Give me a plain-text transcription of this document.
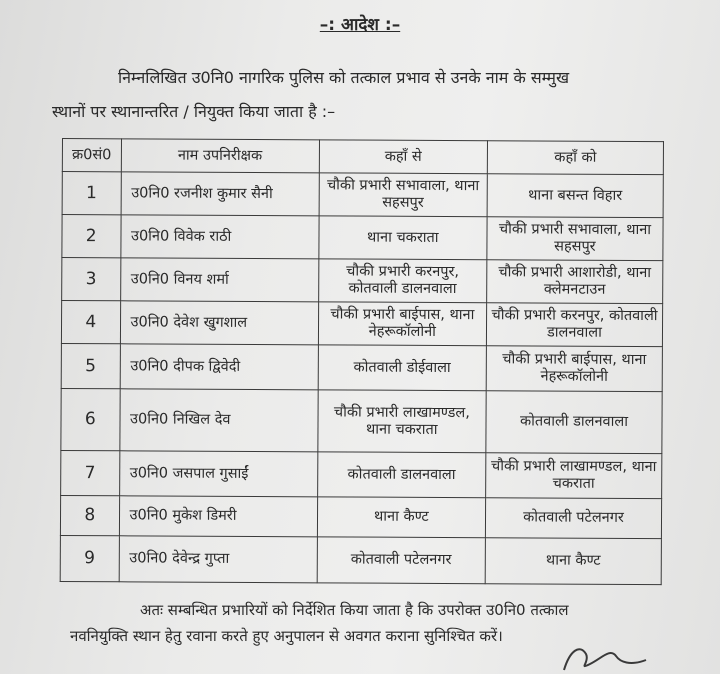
–: आदेश :–
निम्नलिखित उ0नि0 नागरिक पुलिस को तत्काल प्रभाव से उनके नाम के सम्मुख
स्थानों पर स्थानान्तरित / नियुक्त किया जाता है :–
क्र0सं0	नाम उपनिरीक्षक	कहाँ से	कहाँ को
1	उ0नि0 रजनीश कुमार सैनी	चौकी प्रभारी सभावाला, थाना सहसपुर	थाना बसन्त विहार
2	उ0नि0 विवेक राठी	थाना चकराता	चौकी प्रभारी सभावाला, थाना सहसपुर
3	उ0नि0 विनय शर्मा	चौकी प्रभारी करनपुर, कोतवाली डालनवाला	चौकी प्रभारी आशारोडी, थाना क्लेमनटाउन
4	उ0नि0 देवेश खुगशाल	चौकी प्रभारी बाईपास, थाना नेहरूकॉलोनी	चौकी प्रभारी करनपुर, कोतवाली डालनवाला
5	उ0नि0 दीपक द्विवेदी	कोतवाली डोईवाला	चौकी प्रभारी बाईपास, थाना नेहरूकॉलोनी
6	उ0नि0 निखिल देव	चौकी प्रभारी लाखामण्डल, थाना चकराता	कोतवाली डालनवाला
7	उ0नि0 जसपाल गुसाईं	कोतवाली डालनवाला	चौकी प्रभारी लाखामण्डल, थाना चकराता
8	उ0नि0 मुकेश डिमरी	थाना कैण्ट	कोतवाली पटेलनगर
9	उ0नि0 देवेन्द्र गुप्ता	कोतवाली पटेलनगर	थाना कैण्ट
अतः सम्बन्धित प्रभारियों को निर्देशित किया जाता है कि उपरोक्त उ0नि0 तत्काल
नवनियुक्ति स्थान हेतु रवाना करते हुए अनुपालन से अवगत कराना सुनिश्चित करें।
